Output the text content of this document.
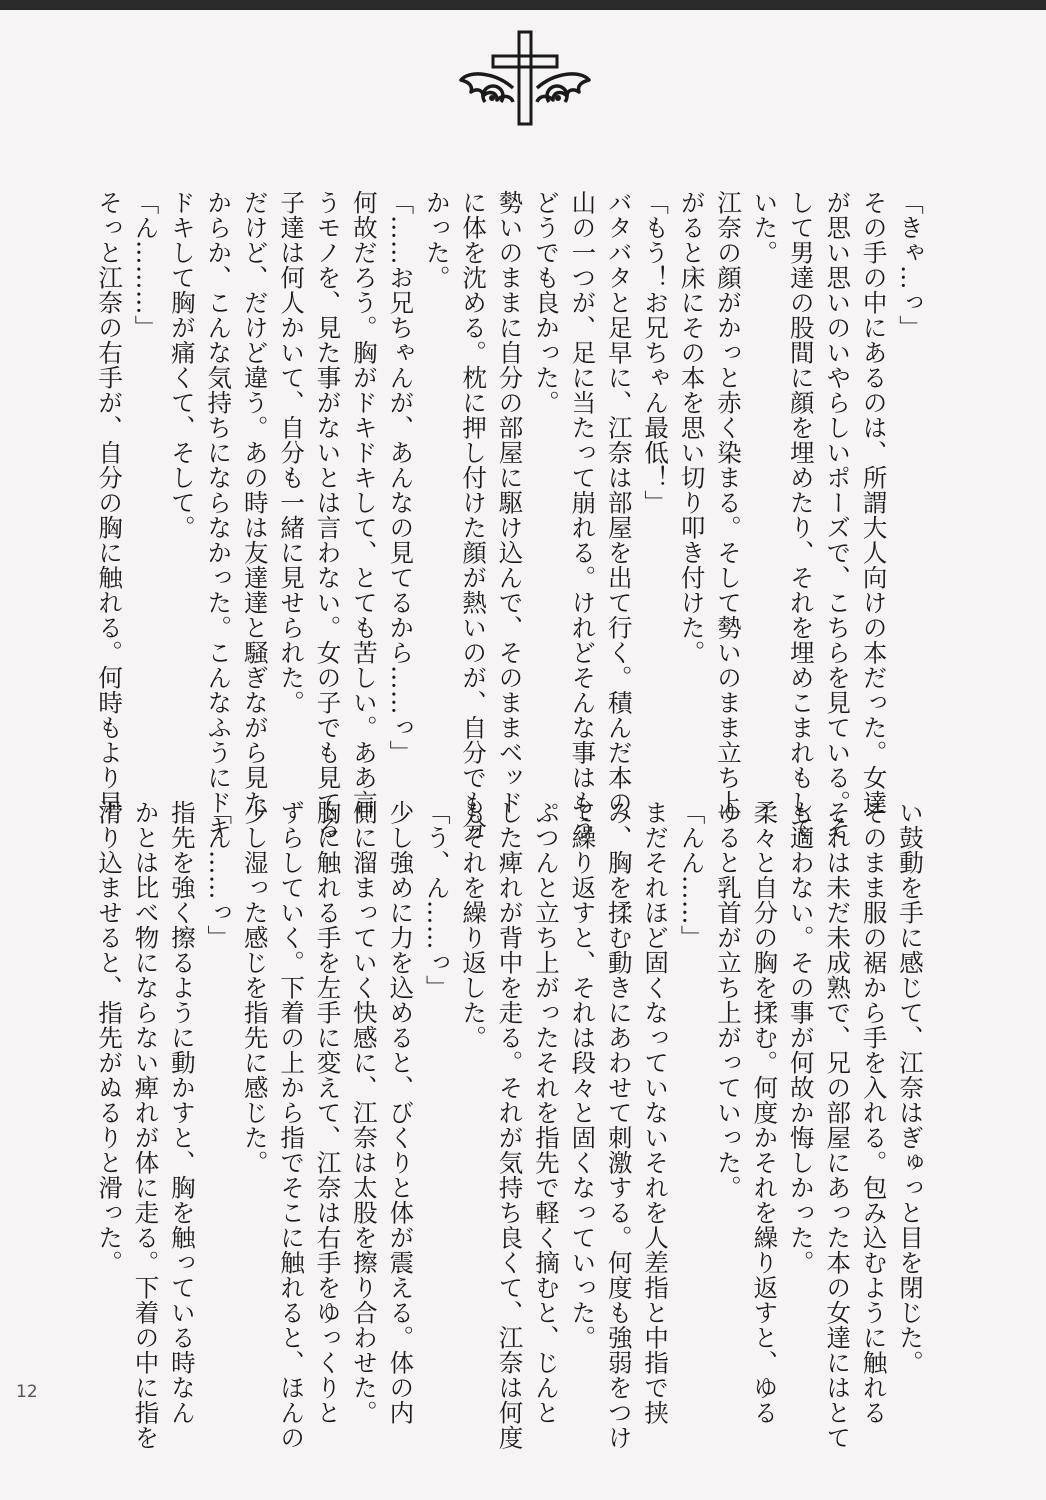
「きゃ…っ」
その手の中にあるのは、所謂大人向けの本だった。女達
が思い思いのいやらしいポーズで、こちらを見ている。そ
して男達の股間に顔を埋めたり、それを埋めこまれもして
いた。
江奈の顔がかっと赤く染まる。そして勢いのまま立ち上
がると床にその本を思い切り叩き付けた。
「もう！お兄ちゃん最低！」
バタバタと足早に、江奈は部屋を出て行く。積んだ本の
山の一つが、足に当たって崩れる。けれどそんな事はもう
どうでも良かった。
勢いのままに自分の部屋に駆け込んで、そのままベッド
に体を沈める。枕に押し付けた顔が熱いのが、自分でも分
かった。
「……お兄ちゃんが、あんなの見てるから……っ」
何故だろう。胸がドキドキして、とても苦しい。ああ言
うモノを、見た事がないとは言わない。女の子でも見てる
子達は何人かいて、自分も一緒に見せられた。
だけど、だけど違う。あの時は友達達と騒ぎながら見た
からか、こんな気持ちにならなかった。こんなふうにドキ
ドキして胸が痛くて、そして。
「ん………」
そっと江奈の右手が、自分の胸に触れる。何時もより早
い鼓動を手に感じて、江奈はぎゅっと目を閉じた。
そのまま服の裾から手を入れる。包み込むように触れる
それは未だ未成熟で、兄の部屋にあった本の女達にはとて
も適わない。その事が何故か悔しかった。
柔々と自分の胸を揉む。何度かそれを繰り返すと、ゆる
ゆると乳首が立ち上がっていった。
「んん……」
まだそれほど固くなっていないそれを人差指と中指で挟
み、胸を揉む動きにあわせて刺激する。何度も強弱をつけ
て繰り返すと、それは段々と固くなっていった。
ぷつんと立ち上がったそれを指先で軽く摘むと、じんと
した痺れが背中を走る。それが気持ち良くて、江奈は何度
もそれを繰り返した。
「う、ん……っ」
少し強めに力を込めると、びくりと体が震える。体の内
側に溜まっていく快感に、江奈は太股を擦り合わせた。
胸に触れる手を左手に変えて、江奈は右手をゆっくりと
ずらしていく。下着の上から指でそこに触れると、ほんの
少し湿った感じを指先に感じた。
「ん……っ」
指先を強く擦るように動かすと、胸を触っている時なん
かとは比べ物にならない痺れが体に走る。下着の中に指を
滑り込ませると、指先がぬるりと滑った。
12
